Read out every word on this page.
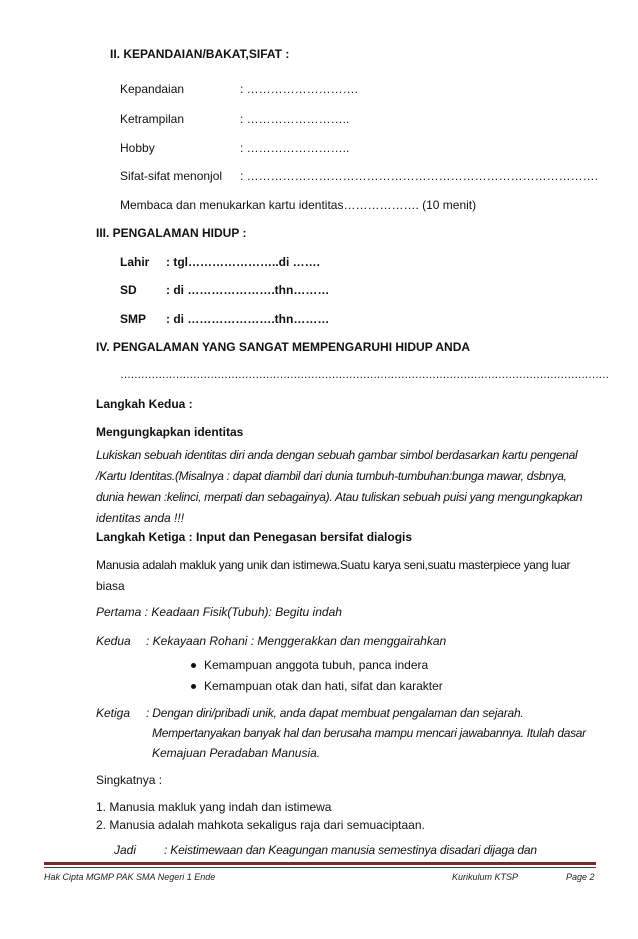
II. KEPANDAIAN/BAKAT,SIFAT :
Kepandaian	: ……………………….
Ketrampilan	: ……………………..
Hobby	: ……………………..
Sifat-sifat menonjol : …………………………………………………………………………….
Membaca dan menukarkan kartu identitas………………. (10 menit)
III. PENGALAMAN HIDUP :
Lahir : tgl…………………..di …….
SD : di ………………….thn………
SMP : di ………………….thn………
IV. PENGALAMAN YANG SANGAT MEMPENGARUHI HIDUP ANDA
……………………………………………………………………………………………………………………………
Langkah Kedua :
Mengungkapkan identitas
Lukiskan sebuah identitas diri anda dengan sebuah gambar simbol berdasarkan kartu pengenal
/Kartu Identitas.(Misalnya : dapat diambil dari dunia tumbuh-tumbuhan:bunga mawar, dsbnya,
dunia hewan :kelinci, merpati dan sebagainya). Atau tuliskan sebuah puisi yang mengungkapkan
identitas anda !!!
Langkah Ketiga : Input dan Penegasan bersifat dialogis
Manusia adalah makluk yang unik dan istimewa.Suatu karya seni,suatu masterpiece yang luar
biasa
Pertama : Keadaan Fisik(Tubuh): Begitu indah
Kedua : Kekayaan Rohani : Menggerakkan dan menggairahkan
Kemampuan anggota tubuh, panca indera
Kemampuan otak dan hati, sifat dan karakter
Ketiga : Dengan diri/pribadi unik, anda dapat membuat pengalaman dan sejarah.
Mempertanyakan banyak hal dan berusaha mampu mencari jawabannya. Itulah dasar
Kemajuan Peradaban Manusia.
Singkatnya :
1. Manusia makluk yang indah dan istimewa
2. Manusia adalah mahkota sekaligus raja dari semuaciptaan.
Jadi : Keistimewaan dan Keagungan manusia semestinya disadari dijaga dan
Hak Cipta MGMP PAK SMA Negeri 1 Ende	Kurikulum KTSP	Page 2
